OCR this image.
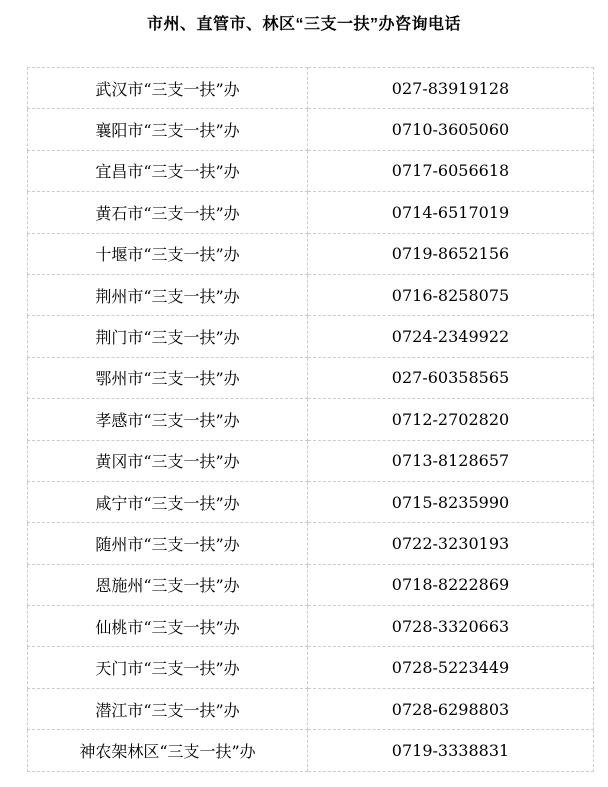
市州、直管市、林区“三支一扶”办咨询电话
武汉市“三支一扶”办	027-83919128
襄阳市“三支一扶”办	0710-3605060
宜昌市“三支一扶”办	0717-6056618
黄石市“三支一扶”办	0714-6517019
十堰市“三支一扶”办	0719-8652156
荆州市“三支一扶”办	0716-8258075
荆门市“三支一扶”办	0724-2349922
鄂州市“三支一扶”办	027-60358565
孝感市“三支一扶”办	0712-2702820
黄冈市“三支一扶”办	0713-8128657
咸宁市“三支一扶”办	0715-8235990
随州市“三支一扶”办	0722-3230193
恩施州“三支一扶”办	0718-8222869
仙桃市“三支一扶”办	0728-3320663
天门市“三支一扶”办	0728-5223449
潜江市“三支一扶”办	0728-6298803
神农架林区“三支一扶”办	0719-3338831
